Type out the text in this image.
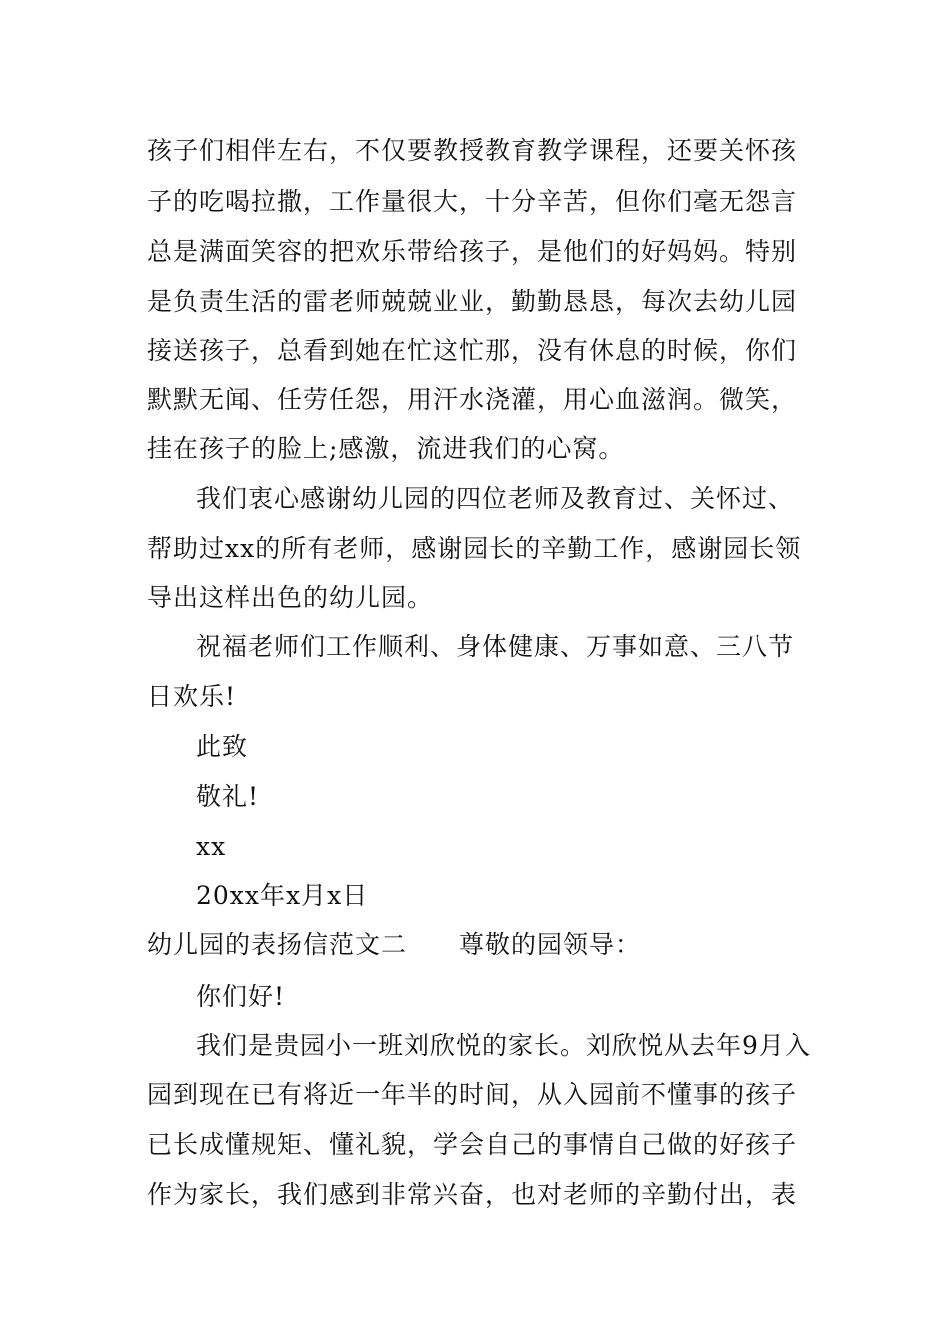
孩子们相伴左右，不仅要教授教育教学课程，还要关怀孩
子的吃喝拉撒，工作量很大，十分辛苦，但你们毫无怨言
总是满面笑容的把欢乐带给孩子，是他们的好妈妈。特别
是负责生活的雷老师兢兢业业，勤勤恳恳，每次去幼儿园
接送孩子，总看到她在忙这忙那，没有休息的时候，你们
默默无闻、任劳任怨，用汗水浇灌，用心血滋润。微笑，
挂在孩子的脸上;感激，流进我们的心窝。
我们衷心感谢幼儿园的四位老师及教育过、关怀过、
帮助过xx的所有老师，感谢园长的辛勤工作，感谢园长领
导出这样出色的幼儿园。
祝福老师们工作顺利、身体健康、万事如意、三八节
日欢乐!
此致
敬礼!
xx
20xx年x月x日
幼儿园的表扬信范文二 尊敬的园领导：
你们好!
我们是贵园小一班刘欣悦的家长。刘欣悦从去年9月入
园到现在已有将近一年半的时间，从入园前不懂事的孩子
已长成懂规矩、懂礼貌，学会自己的事情自己做的好孩子
作为家长，我们感到非常兴奋，也对老师的辛勤付出，表
